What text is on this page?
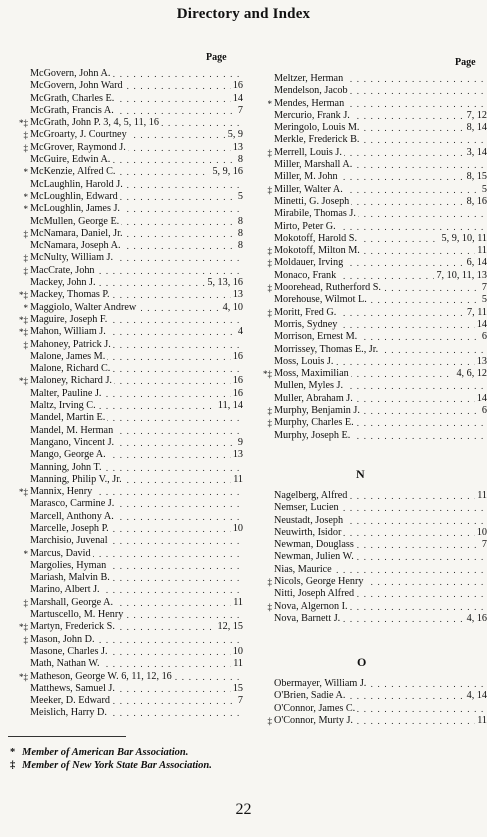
Directory and Index
Page	Page
. . .
McGovern, John A.
. . .
McGovern, John Ward	16
. . .
McGrath, Charles E.	14
. . .
McGrath, Francis A.	7
*‡ . . . McGrath, John P. 3, 4, 5, 11, 16
‡ . . . McGroarty, J. Courtney	5, 9
‡ . . . McGrover, Raymond J.	13
. . .
McGuire, Edwin A.	8
* . . . McKenzie, Alfred C.	5, 9, 16
. . .
McLaughlin, Harold J.
* . . . McLoughlin, Edward	5
* . . . McLoughlin, James J.
. . .
McMullen, George E.	8
‡ . . . McNamara, Daniel, Jr.	8
. . .
McNamara, Joseph A.	8
‡ . . . McNulty, William J.
‡ . . . MacCrate, John
. . .
Mackey, John J.	5, 13, 16
*‡ . . . Mackey, Thomas P.	13
* . . . Maggiolo, Walter Andrew	4, 10
*‡ . . . Maguire, Joseph F.
*‡ . . . Mahon, William J.	4
‡ . . . Mahoney, Patrick J.
. . .
Malone, James M.	16
. . .
Malone, Richard C.
*‡ . . . Maloney, Richard J.	16
. . .
Malter, Pauline J.	16
. . .
Maltz, Irving C.	11, 14
. . .
Mandel, Martin E.
. . .
Mandel, M. Herman
. . .
Mangano, Vincent J.	9
. . .
Mango, George A.	13
. . .
Manning, John T.
. . .
Manning, Philip V., Jr.	11
*‡ . . . Mannix, Henry
. . .
Marasco, Carmine J.
. . .
Marcell, Anthony A.
. . .
Marcelle, Joseph P.	10
. . .
Marchisio, Juvenal
* . . . Marcus, David
. . .
Margolies, Hyman
. . .
Mariash, Malvin B.
. . .
Marino, Albert J.
‡ . . . Marshall, George A.	11
. . .
Martuscello, M. Henry
*‡ . . . Martyn, Frederick S.	12, 15
‡ . . . Mason, John D.
. . .
Masone, Charles J.	10
. . .
Math, Nathan W.	11
*‡ . . . Matheson, George W. 6, 11, 12, 16
. . .
Matthews, Samuel J.	15
. . .
Meeker, D. Edward	7
. . .
Meislich, Harry D.
. . .
Meltzer, Herman
. . .
Mendelson, Jacob
* . . . Mendes, Herman
. . .
Mercurio, Frank J.	7, 12
. . .
Meringolo, Louis M.	8, 14
. . .
Merkle, Frederick B.
‡ . . . Merrell, Louis J.	3, 14
. . .
Miller, Marshall A.
. . .
Miller, M. John	8, 15
‡ . . . Miller, Walter A.	5
. . .
Minetti, G. Joseph	8, 16
. . .
Mirabile, Thomas J.
. . .
Mirto, Peter G.
. . .
Mokotoff, Harold S.	5, 9, 10, 11
‡ . . . Mokotoff, Milton M.	11
‡ . . . Moldauer, Irving	6, 14
. . .
Monaco, Frank	7, 10, 11, 13
‡ . . . Moorehead, Rutherford S.	7
. . .
Morehouse, Wilmot L.	5
‡ . . . Moritt, Fred G.	7, 11
. . .
Morris, Sydney	14
. . .
Morrison, Ernest M.	6
. . .
Morrissey, Thomas E., Jr.
. . .
Moss, Louis J.	13
*‡ . . . Moss, Maximilian	4, 6, 12
. . .
Mullen, Myles J.
. . .
Muller, Abraham J.	14
‡ . . . Murphy, Benjamin J.	6
‡ . . . Murphy, Charles E.
. . .
Murphy, Joseph E.
N
. . .
Nagelberg, Alfred	11
. . .
Nemser, Lucien
. . .
Neustadt, Joseph
. . .
Neuwirth, Isidor	10
. . .
Newman, Douglass	7
. . .
Newman, Julien W.
. . .
Nias, Maurice
‡ . . . Nicols, George Henry
. . .
Nitti, Joseph Alfred
‡ . . . Nova, Algernon I.
. . .
Nova, Barnett J.	4, 16
O
. . .
Obermayer, William J.
. . .
O'Brien, Sadie A.	4, 14
. . .
O'Connor, James C.
‡ . . . O'Connor, Murty J.	11
* Member of American Bar Association.
‡ Member of New York State Bar Association.
22
